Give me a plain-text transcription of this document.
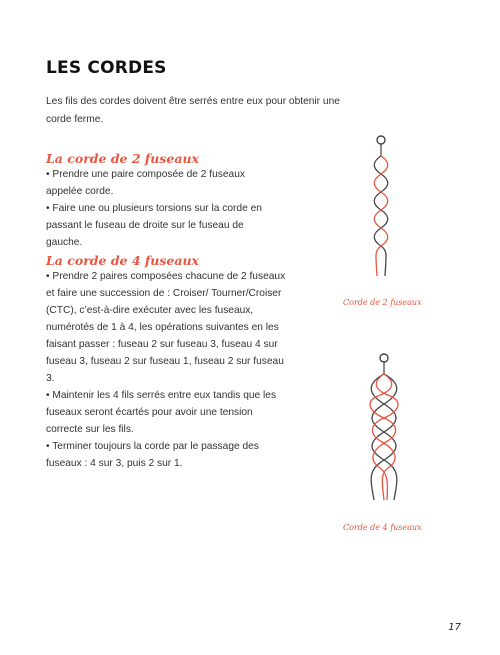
LES CORDES

Les fils des cordes doivent être serrés entre eux pour obtenir une corde ferme.

La corde de 2 fuseaux

• Prendre une paire composée de 2 fuseaux appelée corde.

• Faire une ou plusieurs torsions sur la corde en passant le fuseau de droite sur le fuseau de gauche.

La corde de 4 fuseaux

• Prendre 2 paires composées chacune de 2 fuseaux et faire une succession de : Croiser/ Tourner/Croiser (CTC), c’est-à-dire exécuter avec les fuseaux, numérotés de 1 à 4, les opérations suivantes en les faisant passer : fuseau 2 sur fuseau 3, fuseau 4 sur fuseau 3, fuseau 2 sur fuseau 1, fuseau 2 sur fuseau 3.

• Maintenir les 4 fils serrés entre eux tandis que les fuseaux seront écartés pour avoir une tension correcte sur les fils.

• Terminer toujours la corde par le passage des fuseaux : 4 sur 3, puis 2 sur 1.

Corde de 2 fuseaux

Corde de 4 fuseaux

17
